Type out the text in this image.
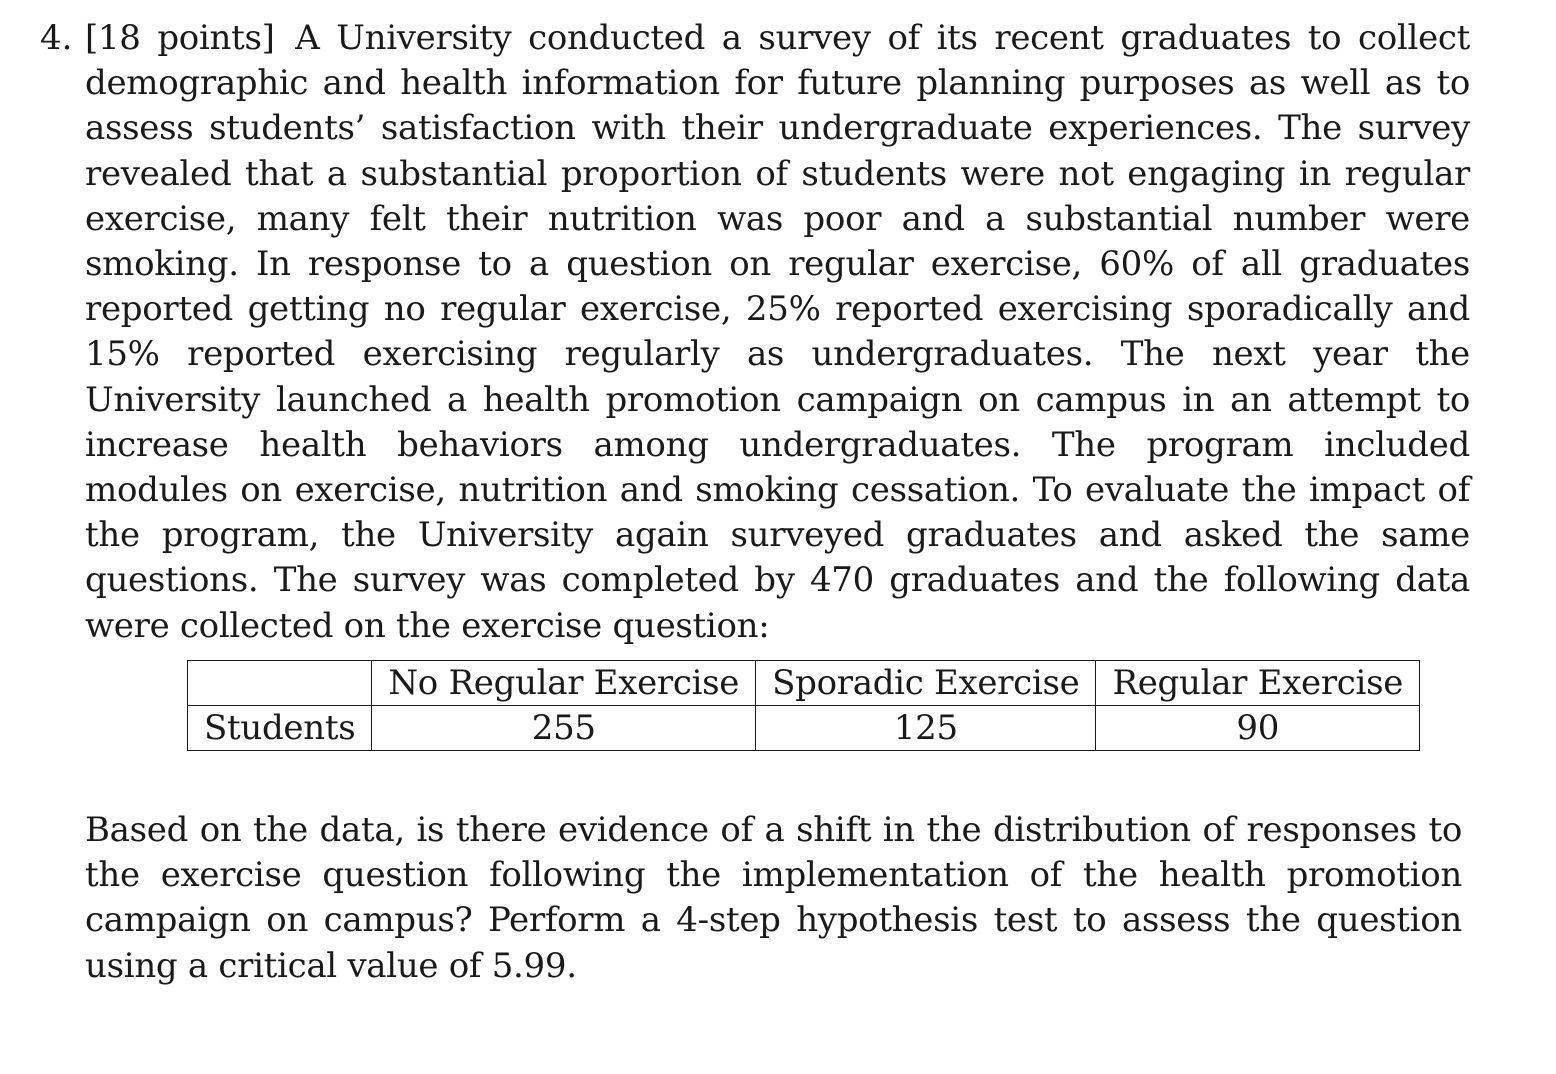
4. [18 points] A University conducted a survey of its recent graduates to collect demographic and health information for future planning purposes as well as to assess students’ satisfaction with their undergraduate experiences. The survey revealed that a substantial proportion of students were not engaging in regular exercise, many felt their nutrition was poor and a substantial number were smoking. In response to a question on regular exercise, 60% of all graduates reported getting no regular exercise, 25% reported exercising sporadically and 15% reported exercising regularly as undergraduates. The next year the University launched a health promotion campaign on campus in an attempt to increase health behaviors among undergraduates. The program included modules on exercise, nutrition and smoking cessation. To evaluate the impact of the program, the University again surveyed graduates and asked the same questions. The survey was completed by 470 graduates and the following data were collected on the exercise question:

	No Regular Exercise	Sporadic Exercise	Regular Exercise
Students	255	125	90

Based on the data, is there evidence of a shift in the distribution of responses to the exercise question following the implementation of the health promotion campaign on campus? Perform a 4-step hypothesis test to assess the question using a critical value of 5.99.
